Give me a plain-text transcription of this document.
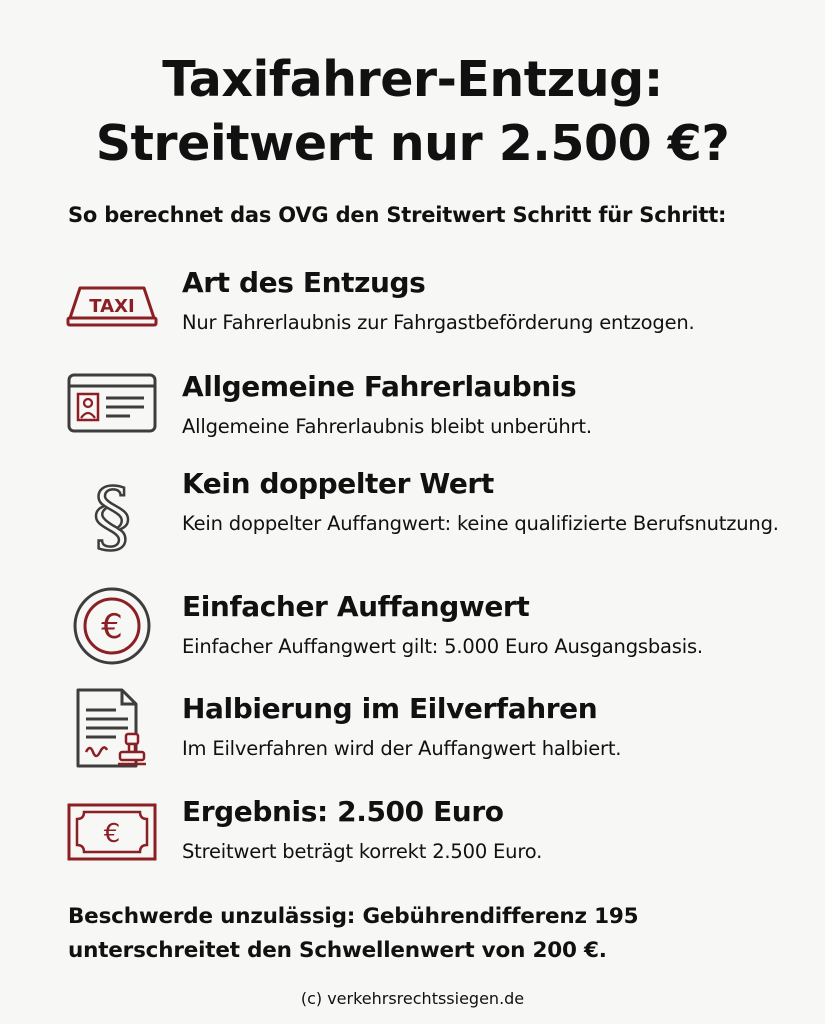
Taxifahrer-Entzug:
Streitwert nur 2.500 €?
So berechnet das OVG den Streitwert Schritt für Schritt:
TAXI
Art des Entzugs
Nur Fahrerlaubnis zur Fahrgastbeförderung entzogen.
Allgemeine Fahrerlaubnis
Allgemeine Fahrerlaubnis bleibt unberührt.
§ Kein doppelter Wert
Kein doppelter Auffangwert: keine qualifizierte Berufsnutzung.
€
Einfacher Auffangwert
Einfacher Auffangwert gilt: 5.000 Euro Ausgangsbasis.
Halbierung im Eilverfahren
Im Eilverfahren wird der Auffangwert halbiert.
€
Ergebnis: 2.500 Euro
Streitwert beträgt korrekt 2.500 Euro.
Beschwerde unzulässig: Gebührendifferenz 195 unterschreitet den Schwellenwert von 200 €.
(c) verkehrsrechtssiegen.de
